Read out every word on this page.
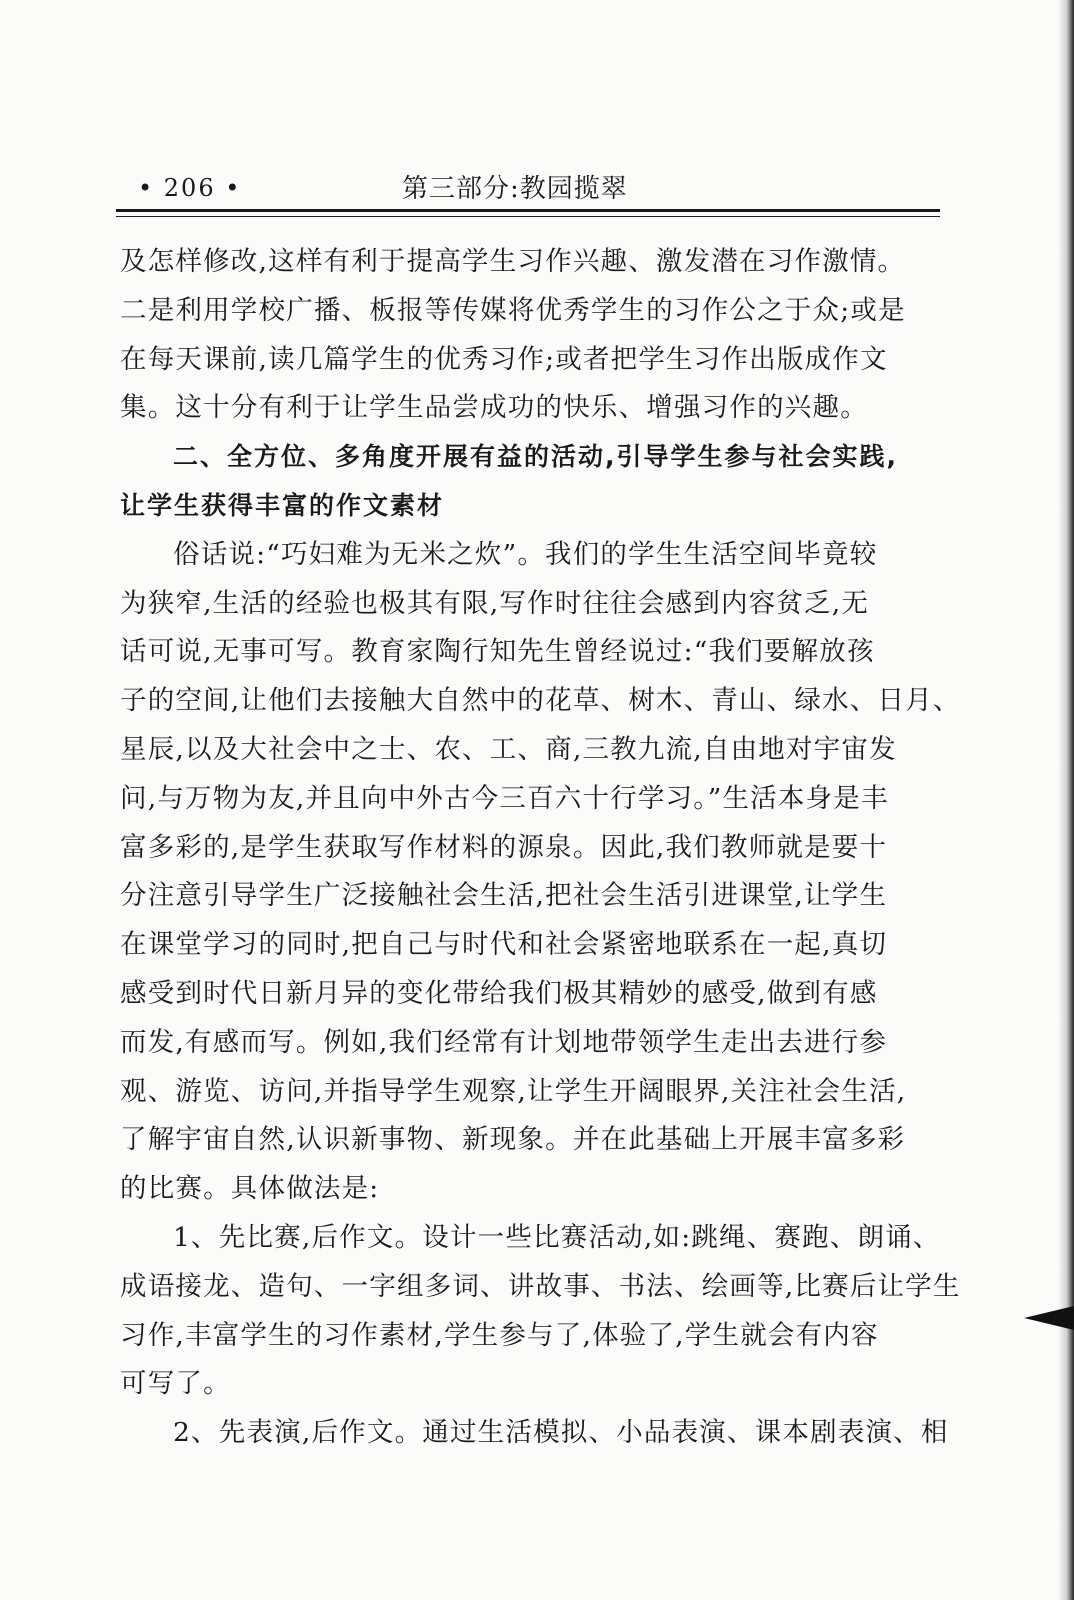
• 206 •	第三部分:教园揽翠
及怎样修改,这样有利于提高学生习作兴趣、激发潜在习作激情。
二是利用学校广播、板报等传媒将优秀学生的习作公之于众;或是
在每天课前,读几篇学生的优秀习作;或者把学生习作出版成作文
集。这十分有利于让学生品尝成功的快乐、增强习作的兴趣。
二、全方位、多角度开展有益的活动,引导学生参与社会实践,
让学生获得丰富的作文素材
俗话说:“巧妇难为无米之炊”。我们的学生生活空间毕竟较
为狭窄,生活的经验也极其有限,写作时往往会感到内容贫乏,无
话可说,无事可写。教育家陶行知先生曾经说过:“我们要解放孩
子的空间,让他们去接触大自然中的花草、树木、青山、绿水、日月、
星辰,以及大社会中之士、农、工、商,三教九流,自由地对宇宙发
问,与万物为友,并且向中外古今三百六十行学习。”生活本身是丰
富多彩的,是学生获取写作材料的源泉。因此,我们教师就是要十
分注意引导学生广泛接触社会生活,把社会生活引进课堂,让学生
在课堂学习的同时,把自己与时代和社会紧密地联系在一起,真切
感受到时代日新月异的变化带给我们极其精妙的感受,做到有感
而发,有感而写。例如,我们经常有计划地带领学生走出去进行参
观、游览、访问,并指导学生观察,让学生开阔眼界,关注社会生活,
了解宇宙自然,认识新事物、新现象。并在此基础上开展丰富多彩
的比赛。具体做法是:
1、先比赛,后作文。设计一些比赛活动,如:跳绳、赛跑、朗诵、
成语接龙、造句、一字组多词、讲故事、书法、绘画等,比赛后让学生
习作,丰富学生的习作素材,学生参与了,体验了,学生就会有内容
可写了。
2、先表演,后作文。通过生活模拟、小品表演、课本剧表演、相
